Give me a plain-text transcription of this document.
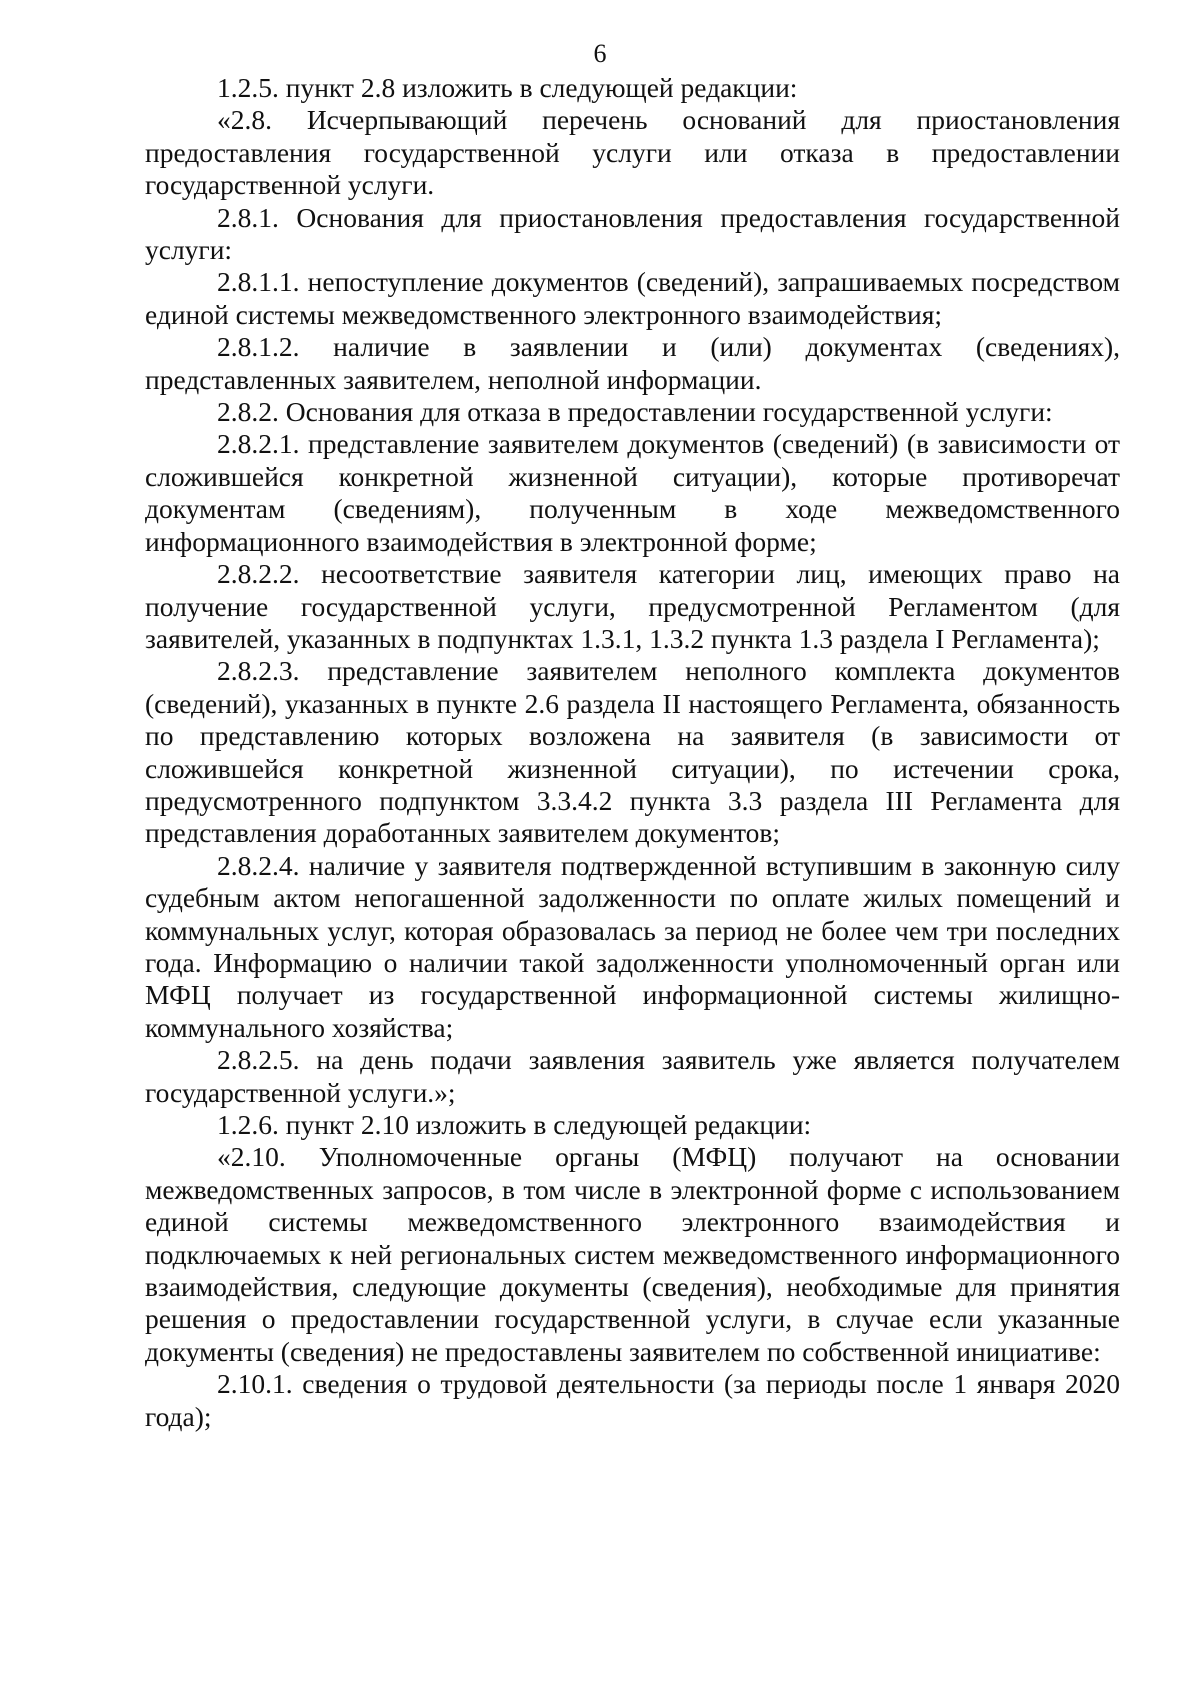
6

1.2.5. пункт 2.8 изложить в следующей редакции:

«2.8. Исчерпывающий перечень оснований для приостановления предоставления государственной услуги или отказа в предоставлении государственной услуги.

2.8.1. Основания для приостановления предоставления государственной услуги:

2.8.1.1. непоступление документов (сведений), запрашиваемых посредством единой системы межведомственного электронного взаимодействия;

2.8.1.2. наличие в заявлении и (или) документах (сведениях), представленных заявителем, неполной информации.

2.8.2. Основания для отказа в предоставлении государственной услуги:

2.8.2.1. представление заявителем документов (сведений) (в зависимости от сложившейся конкретной жизненной ситуации), которые противоречат документам (сведениям), полученным в ходе межведомственного информационного взаимодействия в электронной форме;

2.8.2.2. несоответствие заявителя категории лиц, имеющих право на получение государственной услуги, предусмотренной Регламентом (для заявителей, указанных в подпунктах 1.3.1, 1.3.2 пункта 1.3 раздела I Регламента);

2.8.2.3. представление заявителем неполного комплекта документов (сведений), указанных в пункте 2.6 раздела II настоящего Регламента, обязанность по представлению которых возложена на заявителя (в зависимости от сложившейся конкретной жизненной ситуации), по истечении срока, предусмотренного подпунктом 3.3.4.2 пункта 3.3 раздела III Регламента для представления доработанных заявителем документов;

2.8.2.4. наличие у заявителя подтвержденной вступившим в законную силу судебным актом непогашенной задолженности по оплате жилых помещений и коммунальных услуг, которая образовалась за период не более чем три последних года. Информацию о наличии такой задолженности уполномоченный орган или МФЦ получает из государственной информационной системы жилищно-коммунального хозяйства;

2.8.2.5. на день подачи заявления заявитель уже является получателем государственной услуги.»;

1.2.6. пункт 2.10 изложить в следующей редакции:

«2.10. Уполномоченные органы (МФЦ) получают на основании межведомственных запросов, в том числе в электронной форме с использованием единой системы межведомственного электронного взаимодействия и подключаемых к ней региональных систем межведомственного информационного взаимодействия, следующие документы (сведения), необходимые для принятия решения о предоставлении государственной услуги, в случае если указанные документы (сведения) не предоставлены заявителем по собственной инициативе:

2.10.1. сведения о трудовой деятельности (за периоды после 1 января 2020 года);
